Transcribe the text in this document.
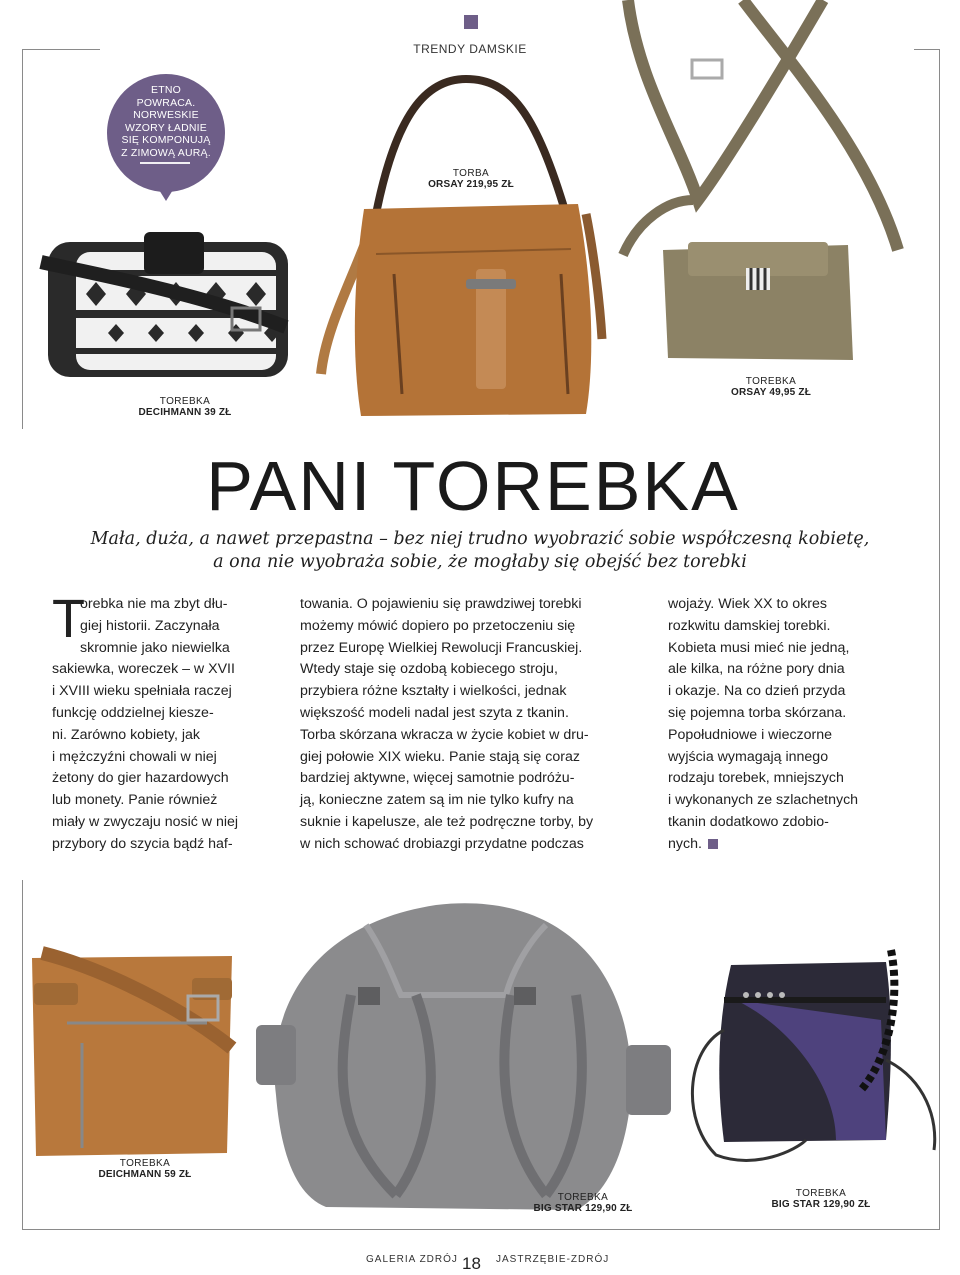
TRENDY DAMSKIE
ETNO
POWRACA.
NORWESKIE
WZORY ŁADNIE
SIĘ KOMPONUJĄ
Z ZIMOWĄ AURĄ.
TOREBKA
DECIHMANN 39 ZŁ
TORBA
ORSAY 219,95 ZŁ
TOREBKA
ORSAY 49,95 ZŁ
PANI TOREBKA
Mała, duża, a nawet przepastna – bez niej trudno wyobrazić sobie współczesną kobietę,
a ona nie wyobraża sobie, że mogłaby się obejść bez torebki
T

orebka nie ma zbyt dłu-

giej historii. Zaczynała

skromnie jako niewielka

sakiewka, woreczek – w XVII

i XVIII wieku spełniała raczej

funkcję oddzielnej kiesze-

ni. Zarówno kobiety, jak

i mężczyźni chowali w niej

żetony do gier hazardowych

lub monety. Panie również

miały w zwyczaju nosić w niej

przybory do szycia bądź haf-

towania. O pojawieniu się prawdziwej torebki

możemy mówić dopiero po przetoczeniu się

przez Europę Wielkiej Rewolucji Francuskiej.

Wtedy staje się ozdobą kobiecego stroju,

przybiera różne kształty i wielkości, jednak

większość modeli nadal jest szyta z tkanin.

Torba skórzana wkracza w życie kobiet w dru-

giej połowie XIX wieku. Panie stają się coraz

bardziej aktywne, więcej samotnie podróżu-

ją, konieczne zatem są im nie tylko kufry na

suknie i kapelusze, ale też podręczne torby, by

w nich schować drobiazgi przydatne podczas

wojaży. Wiek XX to okres

rozkwitu damskiej torebki.

Kobieta musi mieć nie jedną,

ale kilka, na różne pory dnia

i okazje. Na co dzień przyda

się pojemna torba skórzana.

Popołudniowe i wieczorne

wyjścia wymagają innego

rodzaju torebek, mniejszych

i wykonanych ze szlachetnych

tkanin dodatkowo zdobio-

nych.

TOREBKA
DEICHMANN 59 ZŁ
TOREBKA
BIG STAR 129,90 ZŁ
TOREBKA
BIG STAR 129,90 ZŁ
GALERIA ZDRÓJ 18 JASTRZĘBIE-ZDRÓJ
